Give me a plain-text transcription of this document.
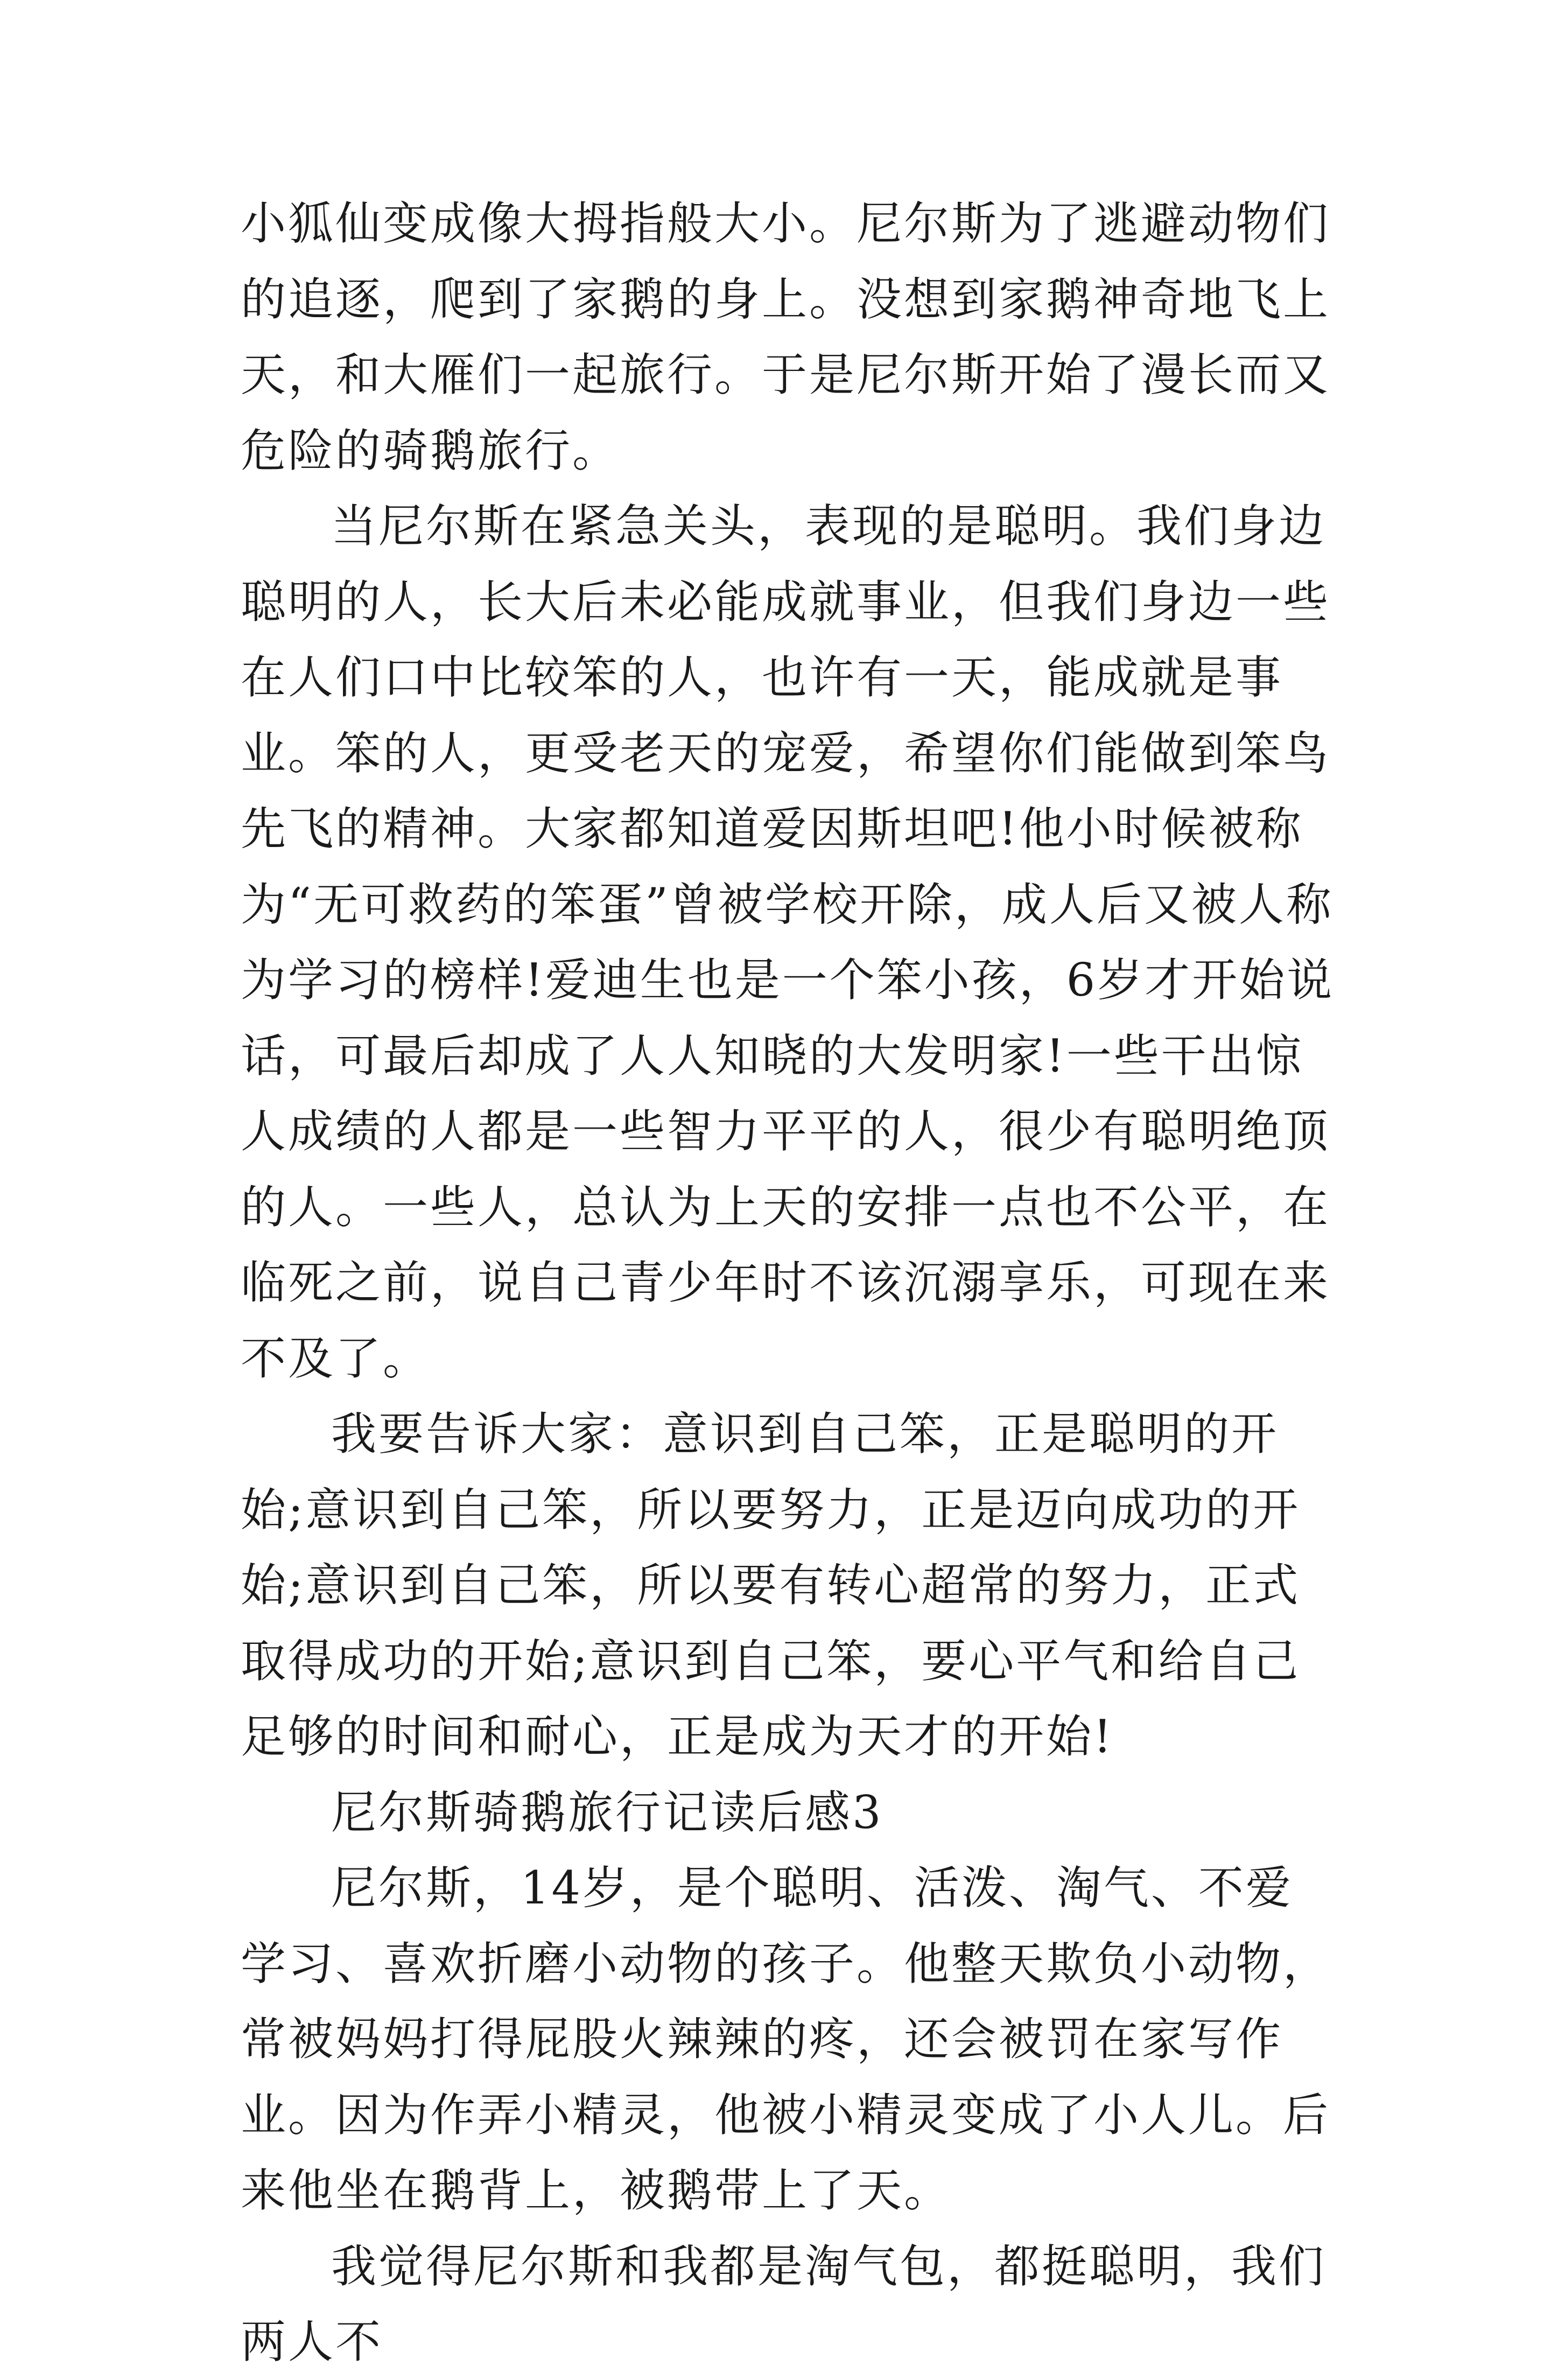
小狐仙变成像大拇指般大小。尼尔斯为了逃避动物们的追逐，爬到了家鹅的身上。没想到家鹅神奇地飞上天，和大雁们一起旅行。于是尼尔斯开始了漫长而又危险的骑鹅旅行。

当尼尔斯在紧急关头，表现的是聪明。我们身边聪明的人，长大后未必能成就事业，但我们身边一些在人们口中比较笨的人，也许有一天，能成就是事业。笨的人，更受老天的宠爱，希望你们能做到笨鸟先飞的精神。大家都知道爱因斯坦吧!他小时候被称为“无可救药的笨蛋”曾被学校开除，成人后又被人称为学习的榜样!爱迪生也是一个笨小孩，6岁才开始说话，可最后却成了人人知晓的大发明家!一些干出惊人成绩的人都是一些智力平平的人，很少有聪明绝顶的人。一些人，总认为上天的安排一点也不公平，在临死之前，说自己青少年时不该沉溺享乐，可现在来不及了。

我要告诉大家：意识到自己笨，正是聪明的开始;意识到自己笨，所以要努力，正是迈向成功的开始;意识到自己笨，所以要有转心超常的努力，正式取得成功的开始;意识到自己笨，要心平气和给自己足够的时间和耐心，正是成为天才的开始!

尼尔斯骑鹅旅行记读后感3

尼尔斯，14岁，是个聪明、活泼、淘气、不爱学习、喜欢折磨小动物的孩子。他整天欺负小动物，常被妈妈打得屁股火辣辣的疼，还会被罚在家写作业。因为作弄小精灵，他被小精灵变成了小人儿。后来他坐在鹅背上，被鹅带上了天。

我觉得尼尔斯和我都是淘气包，都挺聪明，我们两人不
